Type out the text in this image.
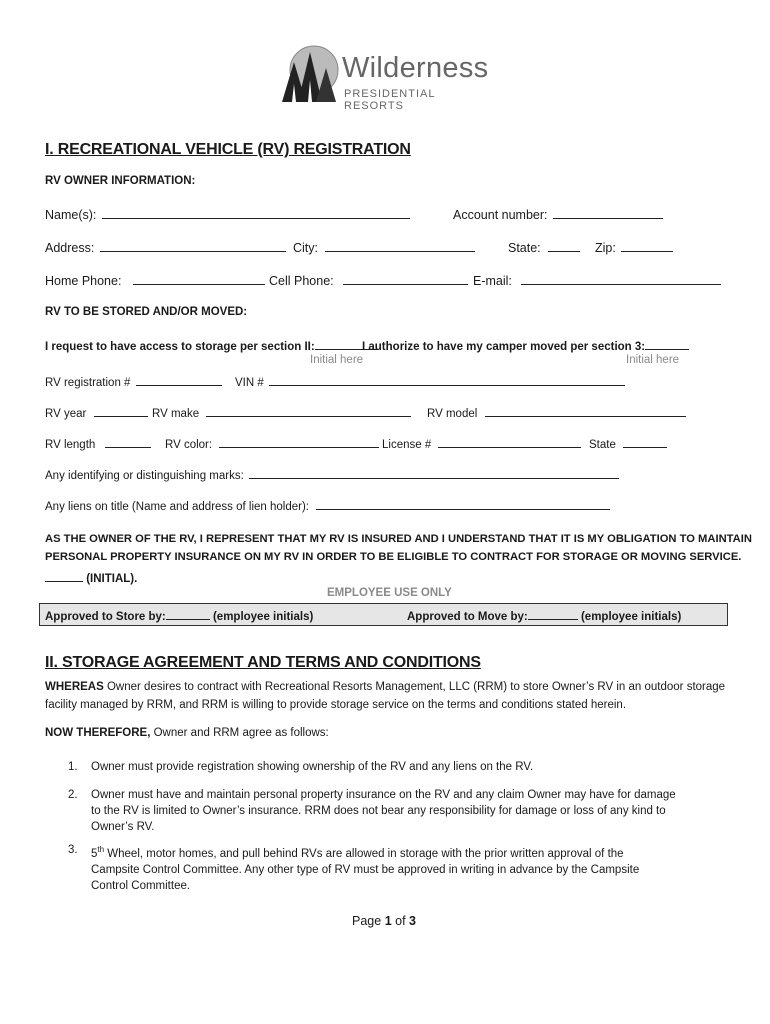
Wilderness
PRESIDENTIAL RESORTS
I. RECREATIONAL VEHICLE (RV) REGISTRATION
RV OWNER INFORMATION:
Name(s):	Account number:
Address:	City:	State:	Zip:
Home Phone:	Cell Phone:	E-mail:
RV TO BE STORED AND/OR MOVED:
I request to have access to storage per section II:	I authorize to have my camper moved per section 3:
Initial here	Initial here
RV registration #	VIN #
RV year	RV make	RV model
RV length	RV color:	License #	State
Any identifying or distinguishing marks:
Any liens on title (Name and address of lien holder):
AS THE OWNER OF THE RV, I REPRESENT THAT MY RV IS INSURED AND I UNDERSTAND THAT IT IS MY OBLIGATION TO MAINTAIN
PERSONAL PROPERTY INSURANCE ON MY RV IN ORDER TO BE ELIGIBLE TO CONTRACT FOR STORAGE OR MOVING SERVICE.
(INITIAL).
EMPLOYEE USE ONLY
Approved to Store by:	(employee initials)	Approved to Move by:	(employee initials)
II. STORAGE AGREEMENT AND TERMS AND CONDITIONS
WHEREAS Owner desires to contract with Recreational Resorts Management, LLC (RRM) to store Owner’s RV in an outdoor storage
facility managed by RRM, and RRM is willing to provide storage service on the terms and conditions stated herein.
NOW THEREFORE, Owner and RRM agree as follows:
1. Owner must provide registration showing ownership of the RV and any liens on the RV.

2. Owner must have and maintain personal property insurance on the RV and any claim Owner may have for damage

to the RV is limited to Owner’s insurance. RRM does not bear any responsibility for damage or loss of any kind to

Owner’s RV.

3. 5th Wheel, motor homes, and pull behind RVs are allowed in storage with the prior written approval of the

Campsite Control Committee. Any other type of RV must be approved in writing in advance by the Campsite

Control Committee.

Page 1 of 3
